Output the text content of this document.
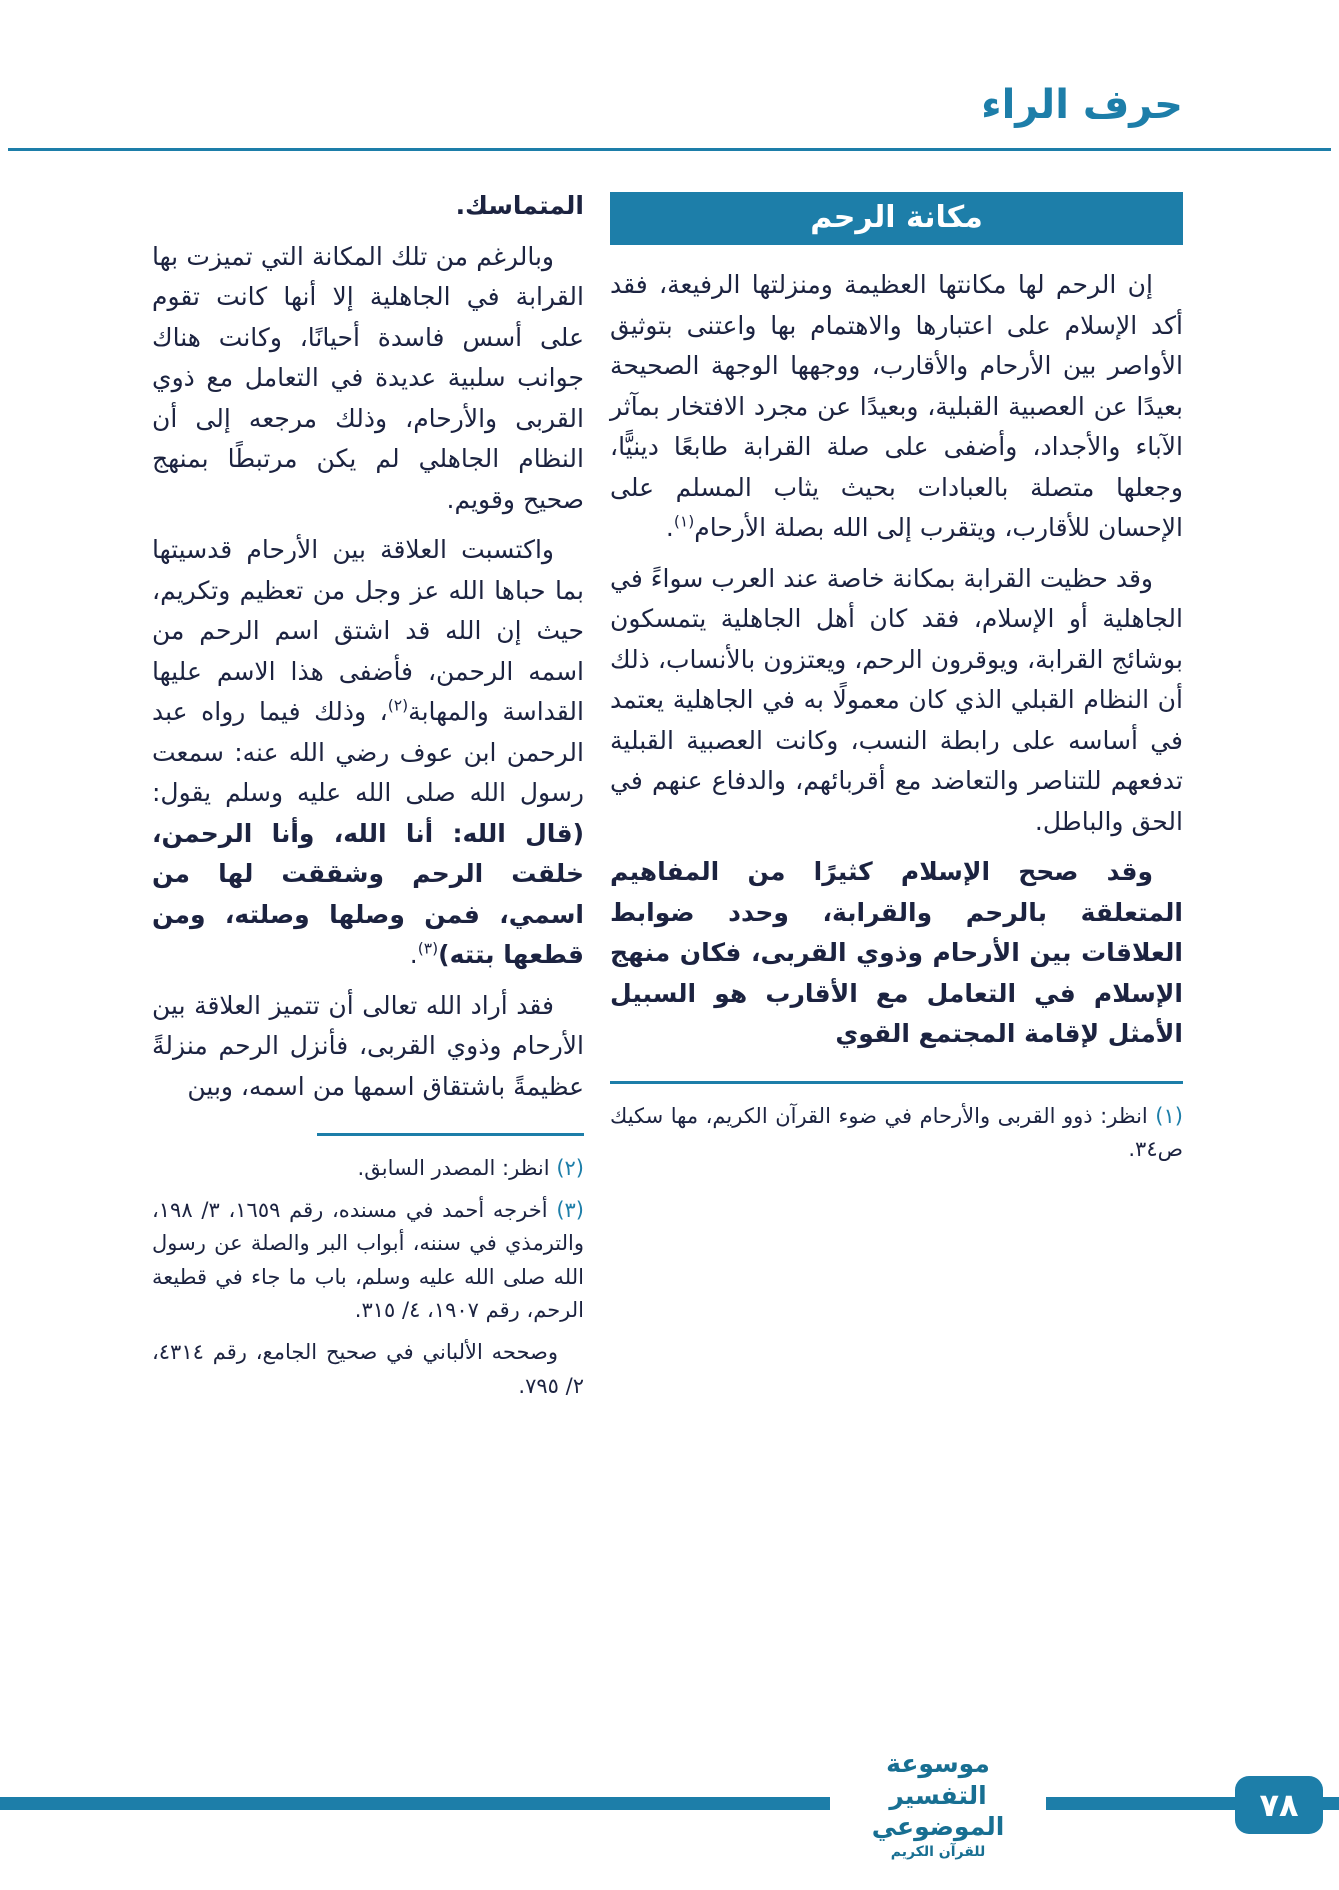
حرف الراء
مكانة الرحم

إن الرحم لها مكانتها العظيمة ومنزلتها الرفيعة، فقد أكد الإسلام على اعتبارها والاهتمام بها واعتنى بتوثيق الأواصر بين الأرحام والأقارب، ووجهها الوجهة الصحيحة بعيدًا عن العصبية القبلية، وبعيدًا عن مجرد الافتخار بمآثر الآباء والأجداد، وأضفى على صلة القرابة طابعًا دينيًّا، وجعلها متصلة بالعبادات بحيث يثاب المسلم على الإحسان للأقارب، ويتقرب إلى الله بصلة الأرحام$^{(١)}$.

وقد حظيت القرابة بمكانة خاصة عند العرب سواءً في الجاهلية أو الإسلام، فقد كان أهل الجاهلية يتمسكون بوشائج القرابة، ويوقرون الرحم، ويعتزون بالأنساب، ذلك أن النظام القبلي الذي كان معمولًا به في الجاهلية يعتمد في أساسه على رابطة النسب، وكانت العصبية القبلية تدفعهم للتناصر والتعاضد مع أقربائهم، والدفاع عنهم في الحق والباطل.

وقد صحح الإسلام كثيرًا من المفاهيم المتعلقة بالرحم والقرابة، وحدد ضوابط العلاقات بين الأرحام وذوي القربى، فكان منهج الإسلام في التعامل مع الأقارب هو السبيل الأمثل لإقامة المجتمع القوي

(١) انظر: ذوو القربى والأرحام في ضوء القرآن الكريم، مها سكيك ص٣٤.

المتماسك.

وبالرغم من تلك المكانة التي تميزت بها القرابة في الجاهلية إلا أنها كانت تقوم على أسس فاسدة أحيانًا، وكانت هناك جوانب سلبية عديدة في التعامل مع ذوي القربى والأرحام، وذلك مرجعه إلى أن النظام الجاهلي لم يكن مرتبطًا بمنهج صحيح وقويم.

واكتسبت العلاقة بين الأرحام قدسيتها بما حباها الله عز وجل من تعظيم وتكريم، حيث إن الله قد اشتق اسم الرحم من اسمه الرحمن، فأضفى هذا الاسم عليها القداسة والمهابة$^{(٢)}$، وذلك فيما رواه عبد الرحمن ابن عوف رضي الله عنه: سمعت رسول الله صلى الله عليه وسلم يقول: (قال الله: أنا الله، وأنا الرحمن، خلقت الرحم وشققت لها من اسمي، فمن وصلها وصلته، ومن قطعها بتته)$^{(٣)}$.

فقد أراد الله تعالى أن تتميز العلاقة بين الأرحام وذوي القربى، فأنزل الرحم منزلةً عظيمةً باشتقاق اسمها من اسمه، وبين

(٢) انظر: المصدر السابق.

(٣) أخرجه أحمد في مسنده، رقم ١٦٥٩، ٣/ ١٩٨، والترمذي في سننه، أبواب البر والصلة عن رسول الله صلى الله عليه وسلم، باب ما جاء في قطيعة الرحم، رقم ١٩٠٧، ٤/ ٣١٥.

وصححه الألباني في صحيح الجامع، رقم ٤٣١٤، ٢/ ٧٩٥.

موسوعة التفسير الموضوعي
للقرآن الكريم
٧٨
